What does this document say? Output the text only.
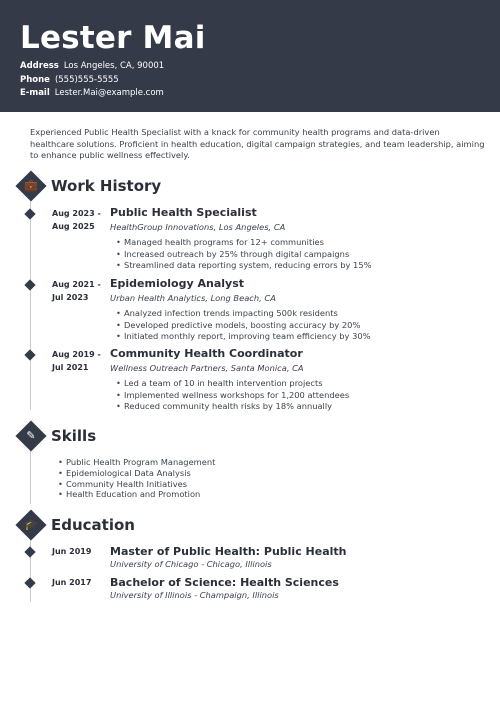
Lester Mai
Address Los Angeles, CA, 90001
Phone (555)555-5555
E-mail Lester.Mai@example.com

Experienced Public Health Specialist with a knack for community health programs and data-driven healthcare solutions. Proficient in health education, digital campaign strategies, and team leadership, aiming to enhance public wellness effectively.

💼 Work History
Aug 2023 -
Aug 2025
Public Health Specialist
HealthGroup Innovations, Los Angeles, CA
• Managed health programs for 12+ communities
• Increased outreach by 25% through digital campaigns
• Streamlined data reporting system, reducing errors by 15%
Aug 2021 -
Jul 2023
Epidemiology Analyst
Urban Health Analytics, Long Beach, CA
• Analyzed infection trends impacting 500k residents
• Developed predictive models, boosting accuracy by 20%
• Initiated monthly report, improving team efficiency by 30%
Aug 2019 -
Jul 2021
Community Health Coordinator
Wellness Outreach Partners, Santa Monica, CA
• Led a team of 10 in health intervention projects
• Implemented wellness workshops for 1,200 attendees
• Reduced community health risks by 18% annually
✎	Skills
• Public Health Program Management
• Epidemiological Data Analysis
• Community Health Initiatives
• Health Education and Promotion
🎓 Education
Jun 2019 Master of Public Health: Public Health
University of Chicago - Chicago, Illinois
Jun 2017 Bachelor of Science: Health Sciences
University of Illinois - Champaign, Illinois
